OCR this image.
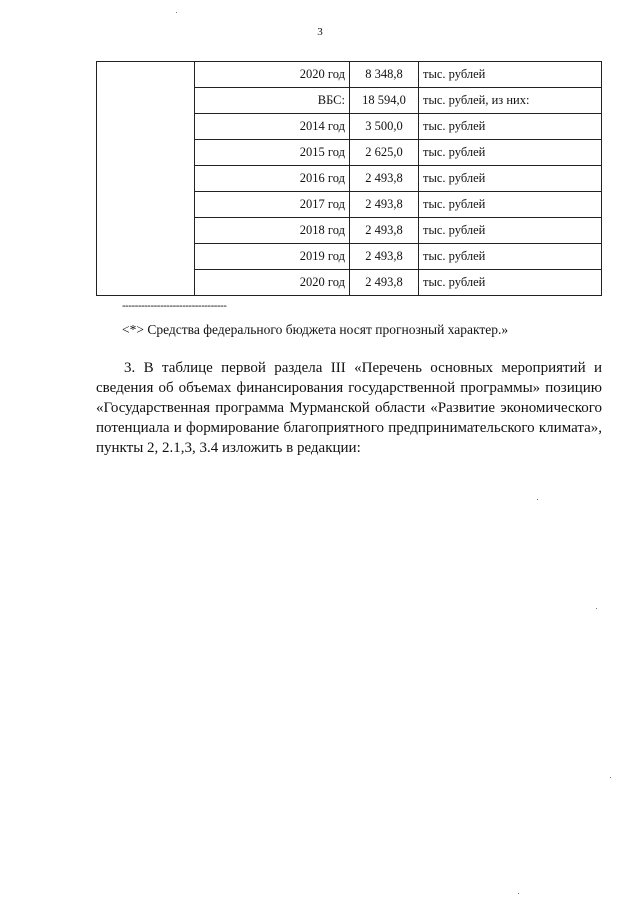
3
	2020 год	8 348,8	тыс. рублей
	ВБС:	18 594,0	тыс. рублей, из них:
	2014 год	3 500,0	тыс. рублей
	2015 год	2 625,0	тыс. рублей
	2016 год	2 493,8	тыс. рублей
	2017 год	2 493,8	тыс. рублей
	2018 год	2 493,8	тыс. рублей
	2019 год	2 493,8	тыс. рублей
	2020 год	2 493,8	тыс. рублей
---------------------------------
<*> Средства федерального бюджета носят прогнозный характер.»

3. В таблице первой раздела III «Перечень основных мероприятий и сведения об объемах финансирования государственной программы» позицию «Государственная программа Мурманской области «Развитие экономического потенциала и формирование благоприятного предпринимательского климата», пункты 2, 2.1,3, 3.4 изложить в редакции:
